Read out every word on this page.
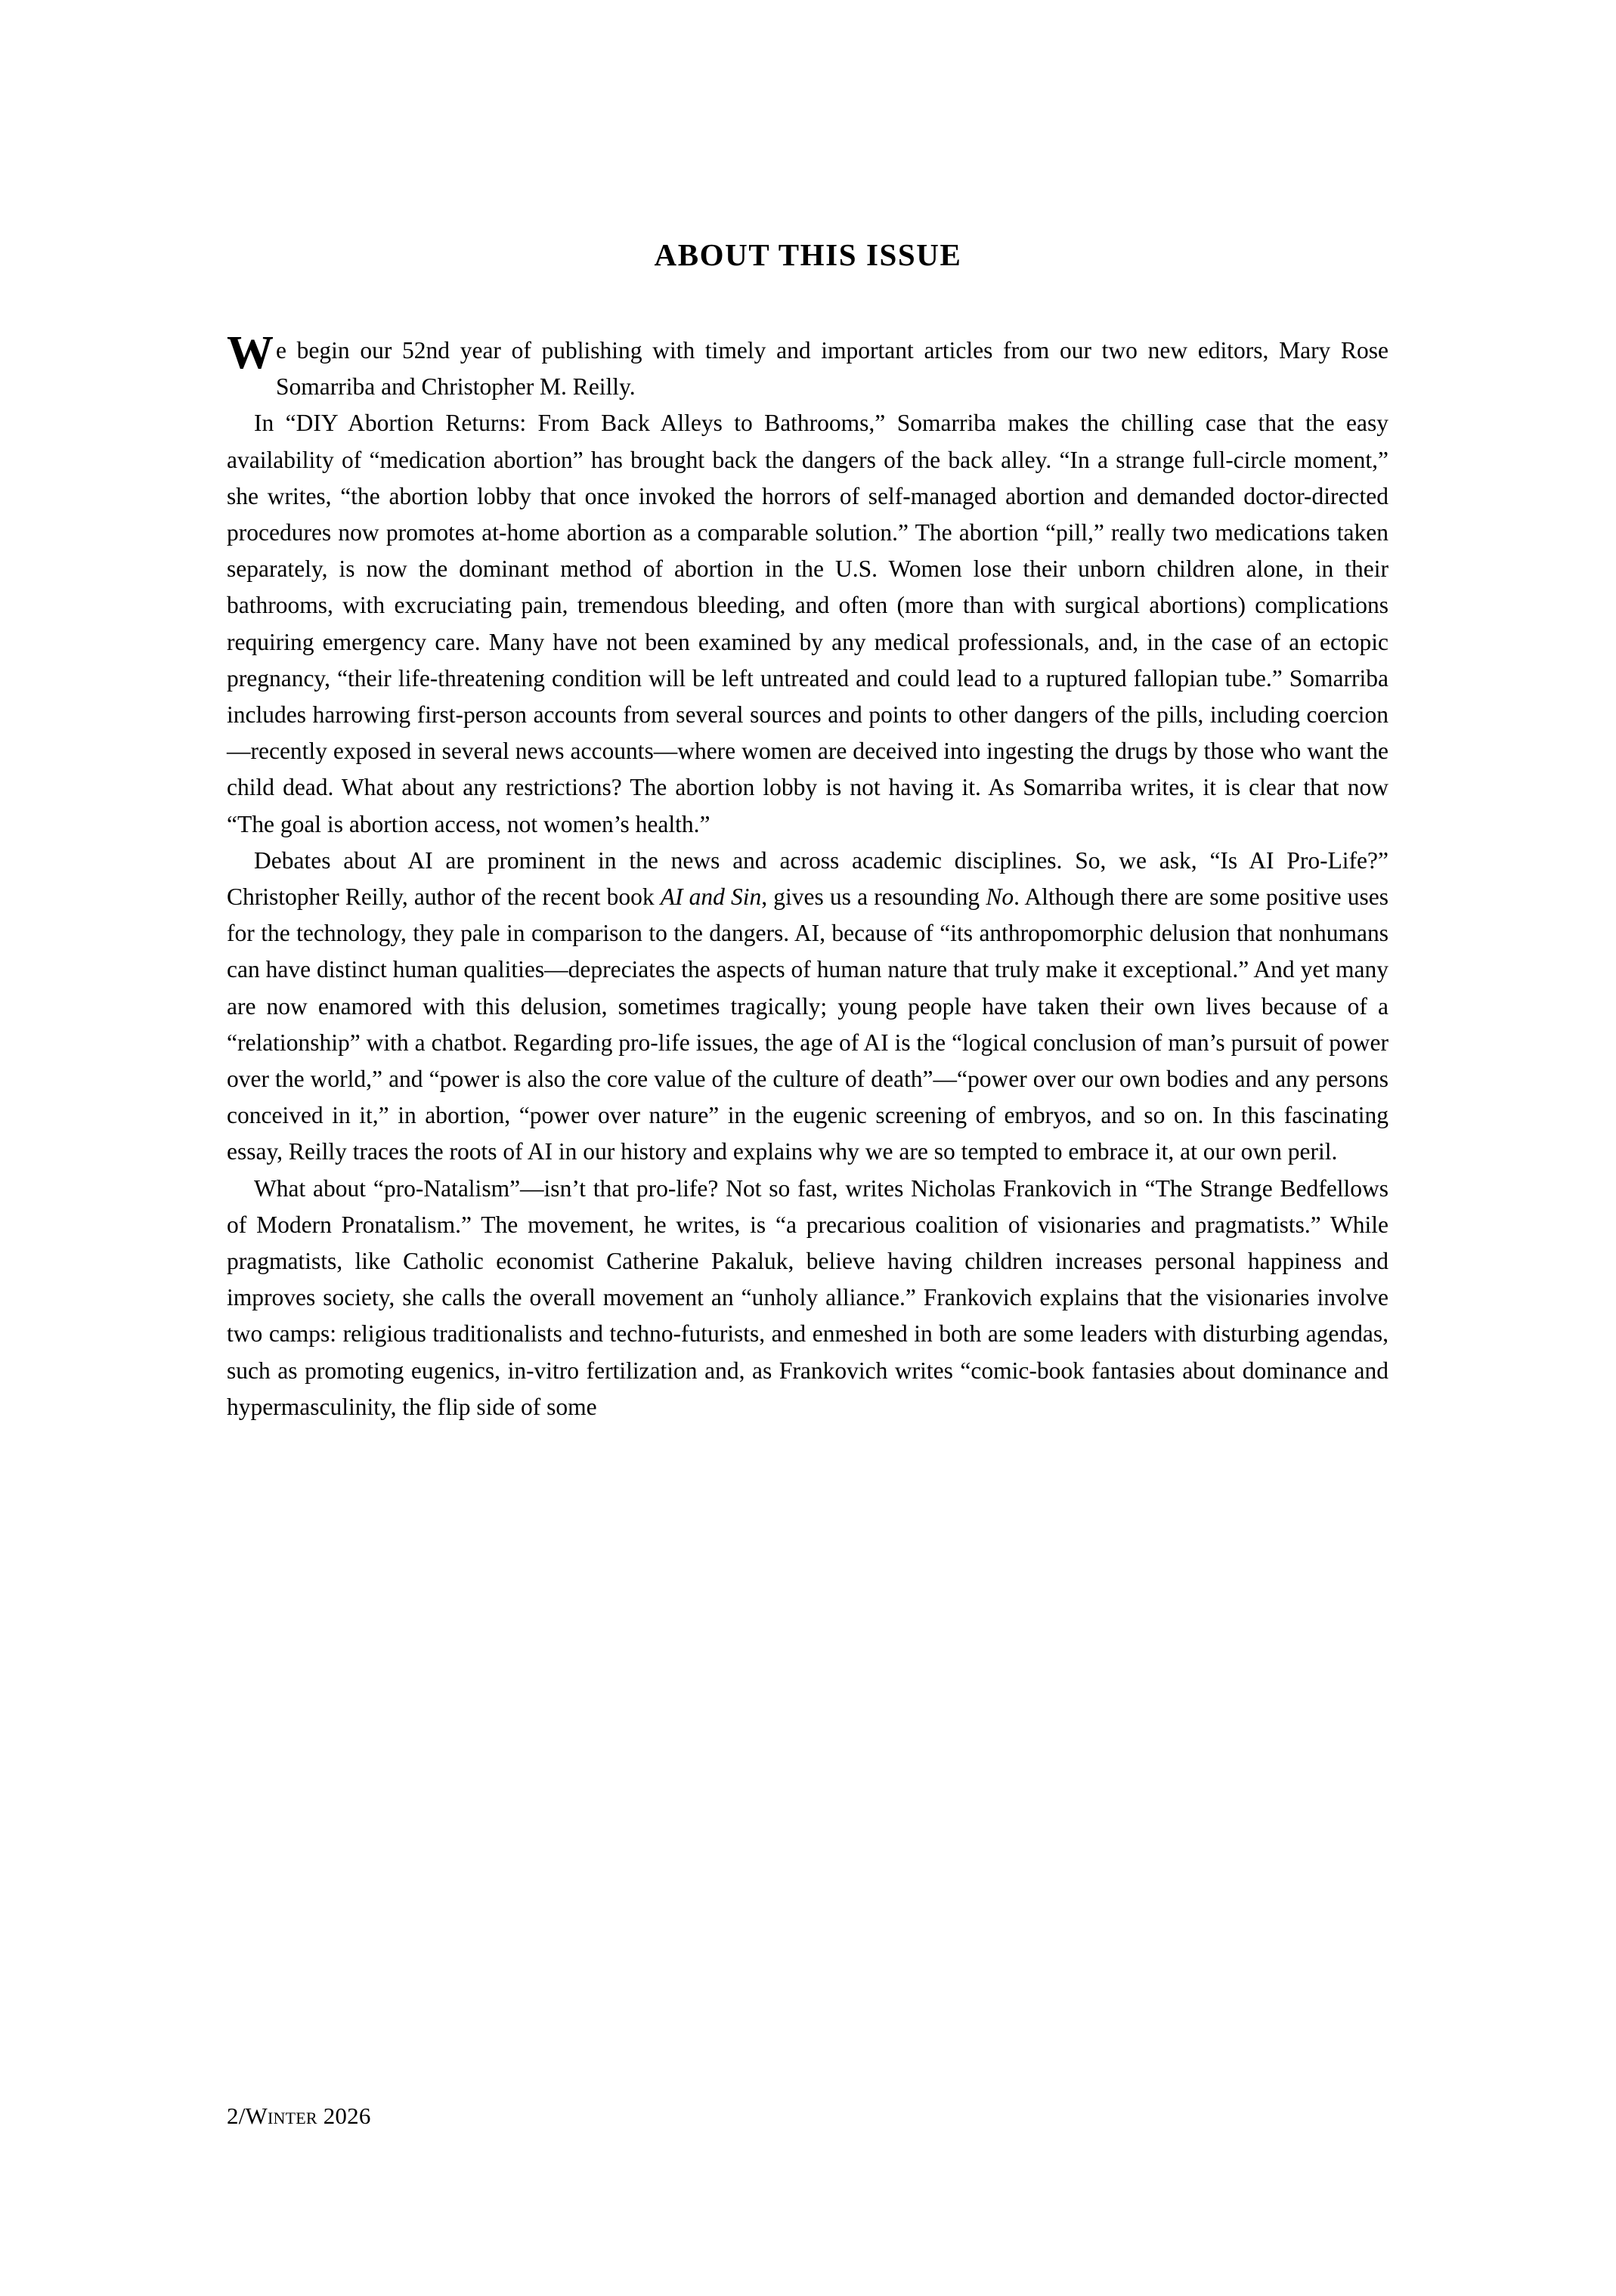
ABOUT THIS ISSUE

We begin our 52nd year of publishing with timely and important articles from our two new editors, Mary Rose Somarriba and Christopher M. Reilly.

In “DIY Abortion Returns: From Back Alleys to Bathrooms,” Somarriba makes the chilling case that the easy availability of “medication abortion” has brought back the dangers of the back alley. “In a strange full-circle moment,” she writes, “the abortion lobby that once invoked the horrors of self-managed abortion and demanded doctor-directed procedures now promotes at-home abortion as a comparable solution.” The abortion “pill,” really two medications taken separately, is now the dominant method of abortion in the U.S. Women lose their unborn children alone, in their bathrooms, with excruciating pain, tremendous bleeding, and often (more than with surgical abortions) complications requiring emergency care. Many have not been examined by any medical professionals, and, in the case of an ectopic pregnancy, “their life-threatening condition will be left untreated and could lead to a ruptured fallopian tube.” Somarriba includes harrowing first-person accounts from several sources and points to other dangers of the pills, including coercion—recently exposed in several news accounts—where women are deceived into ingesting the drugs by those who want the child dead. What about any restrictions? The abortion lobby is not having it. As Somarriba writes, it is clear that now “The goal is abortion access, not women’s health.”

Debates about AI are prominent in the news and across academic disciplines. So, we ask, “Is AI Pro-Life?” Christopher Reilly, author of the recent book AI and Sin, gives us a resounding No. Although there are some positive uses for the technology, they pale in comparison to the dangers. AI, because of “its anthropomorphic delusion that nonhumans can have distinct human qualities—depreciates the aspects of human nature that truly make it exceptional.” And yet many are now enamored with this delusion, sometimes tragically; young people have taken their own lives because of a “relationship” with a chatbot. Regarding pro-life issues, the age of AI is the “logical conclusion of man’s pursuit of power over the world,” and “power is also the core value of the culture of death”—“power over our own bodies and any persons conceived in it,” in abortion, “power over nature” in the eugenic screening of embryos, and so on. In this fascinating essay, Reilly traces the roots of AI in our history and explains why we are so tempted to embrace it, at our own peril.

What about “pro-Natalism”—isn’t that pro-life? Not so fast, writes Nicholas Frankovich in “The Strange Bedfellows of Modern Pronatalism.” The movement, he writes, is “a precarious coalition of visionaries and pragmatists.” While pragmatists, like Catholic economist Catherine Pakaluk, believe having children increases personal happiness and improves society, she calls the overall movement an “unholy alliance.” Frankovich explains that the visionaries involve two camps: religious traditionalists and techno-futurists, and enmeshed in both are some leaders with disturbing agendas, such as promoting eugenics, in-vitro fertilization and, as Frankovich writes “comic-book fantasies about dominance and hypermasculinity, the flip side of some

2/Winter 2026
